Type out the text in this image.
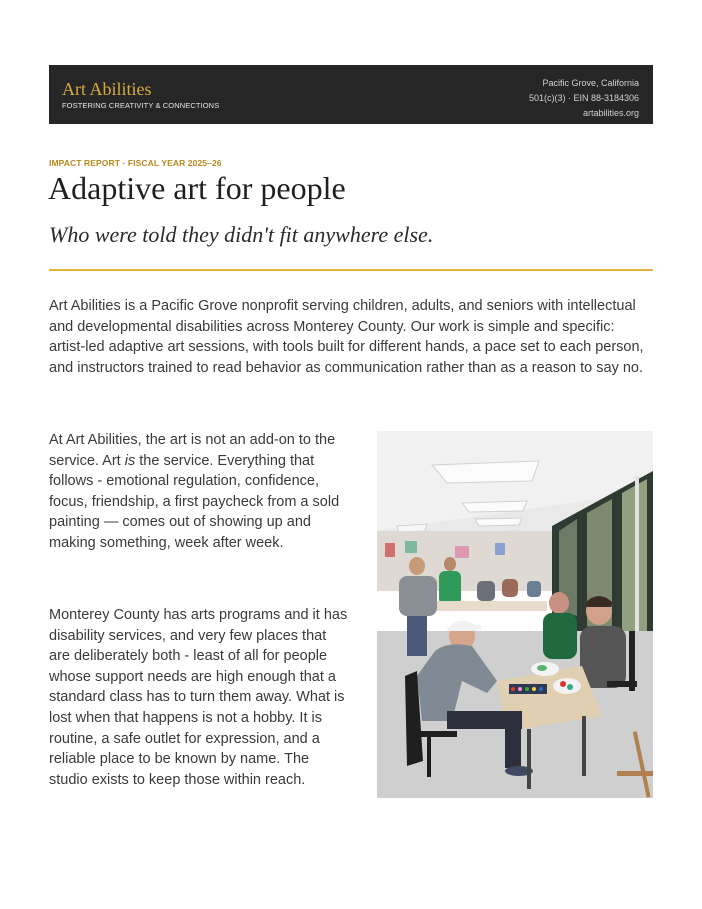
Art Abilities
FOSTERING CREATIVITY & CONNECTIONS
Pacific Grove, California
501(c)(3) · EIN 88-3184306
artabilities.org
IMPACT REPORT · FISCAL YEAR 2025–26
Adaptive art for people
Who were told they didn't fit anywhere else.

Art Abilities is a Pacific Grove nonprofit serving children, adults, and seniors with intellectual and developmental disabilities across Monterey County. Our work is simple and specific: artist-led adaptive art sessions, with tools built for different hands, a pace set to each person, and instructors trained to read behavior as communication rather than as a reason to say no.

At Art Abilities, the art is not an add-on to the service. Art is the service. Everything that follows - emotional regulation, confidence, focus, friendship, a first paycheck from a sold painting — comes out of showing up and making something, week after week.

Monterey County has arts programs and it has disability services, and very few places that are deliberately both - least of all for people whose support needs are high enough that a standard class has to turn them away. What is lost when that happens is not a hobby. It is routine, a safe outlet for expression, and a reliable place to be known by name. The studio exists to keep those within reach.
